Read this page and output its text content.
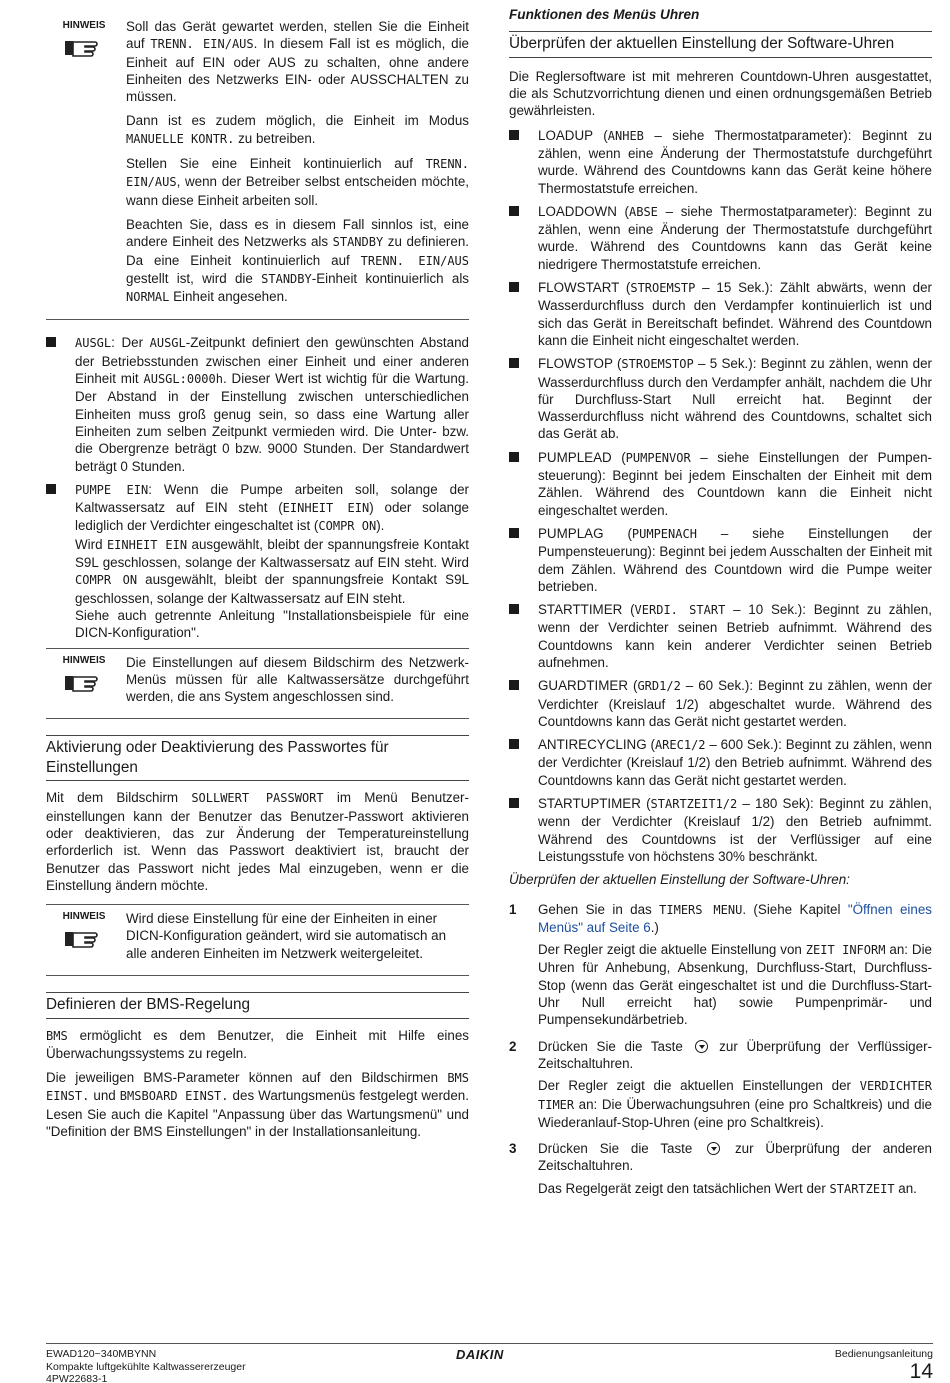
HINWEIS Soll das Gerät gewartet werden, stellen Sie die Einheit auf TRENN. EIN/AUS. In diesem Fall ist es möglich, die Einheit auf EIN oder AUS zu schalten, ohne andere Einheiten des Netzwerks EIN- oder AUSSCHALTEN zu müssen.

Dann ist es zudem möglich, die Einheit im Modus MANUELLE KONTR. zu betreiben.

Stellen Sie eine Einheit kontinuierlich auf TRENN. EIN/AUS, wenn der Betreiber selbst entscheiden möchte, wann diese Einheit arbeiten soll.

Beachten Sie, dass es in diesem Fall sinnlos ist, eine andere Einheit des Netzwerks als STANDBY zu definieren. Da eine Einheit kontinuierlich auf TRENN. EIN/AUS gestellt ist, wird die STANDBY-Einheit kontinuierlich als NORMAL Einheit angesehen.

AUSGL: Der AUSGL-Zeitpunkt definiert den gewünschten Abstand der Betriebsstunden zwischen einer Einheit und einer anderen Einheit mit AUSGL:0000h. Dieser Wert ist wichtig für die Wartung. Der Abstand in der Einstellung zwischen unterschiedlichen Einheiten muss groß genug sein, so dass eine Wartung aller Einheiten zum selben Zeitpunkt vermieden wird. Die Unter- bzw. die Obergrenze beträgt 0 bzw. 9000 Stunden. Der Standardwert beträgt 0 Stunden.
PUMPE EIN: Wenn die Pumpe arbeiten soll, solange der Kaltwassersatz auf EIN steht (EINHEIT EIN) oder solange lediglich der Verdichter eingeschaltet ist (COMPR ON).
Wird EINHEIT EIN ausgewählt, bleibt der spannungsfreie Kontakt S9L geschlossen, solange der Kaltwassersatz auf EIN steht. Wird COMPR ON ausgewählt, bleibt der spannungsfreie Kontakt S9L geschlossen, solange der Kaltwassersatz auf EIN steht.
Siehe auch getrennte Anleitung "Installationsbeispiele für eine DICN-Konfiguration".
HINWEIS Die Einstellungen auf diesem Bildschirm des Netzwerk-Menüs müssen für alle Kaltwassersätze durchgeführt werden, die ans System angeschlossen sind.

Aktivierung oder Deaktivierung des Passwortes für Einstellungen

Mit dem Bildschirm SOLLWERT PASSWORT im Menü Benutzereinstellungen kann der Benutzer das Benutzer-Passwort aktivieren oder deaktivieren, das zur Änderung der Temperatureinstellung erforderlich ist. Wenn das Passwort deaktiviert ist, braucht der Benutzer das Passwort nicht jedes Mal einzugeben, wenn er die Einstellung ändern möchte.

HINWEIS Wird diese Einstellung für eine der Einheiten in einer DICN-Konfiguration geändert, wird sie automatisch an alle anderen Einheiten im Netzwerk weitergeleitet.

Definieren der BMS-Regelung

BMS ermöglicht es dem Benutzer, die Einheit mit Hilfe eines Überwachungssystems zu regeln.

Die jeweiligen BMS-Parameter können auf den Bildschirmen BMS EINST. und BMSBOARD EINST. des Wartungsmenüs festgelegt werden. Lesen Sie auch die Kapitel "Anpassung über das Wartungsmenü" und "Definition der BMS Einstellungen" in der Installationsanleitung.

Funktionen des Menüs Uhren
Überprüfen der aktuellen Einstellung der Software-Uhren

Die Reglersoftware ist mit mehreren Countdown-Uhren ausgestattet, die als Schutzvorrichtung dienen und einen ordnungsgemäßen Betrieb gewährleisten.

LOADUP (ANHEB – siehe Thermostatparameter): Beginnt zu zählen, wenn eine Änderung der Thermostatstufe durchgeführt wurde. Während des Countdowns kann das Gerät keine höhere Thermostatstufe erreichen.
LOADDOWN (ABSE – siehe Thermostatparameter): Beginnt zu zählen, wenn eine Änderung der Thermostatstufe durchgeführt wurde. Während des Countdowns kann das Gerät keine niedrigere Thermostatstufe erreichen.
FLOWSTART (STROEMSTP – 15 Sek.): Zählt abwärts, wenn der Wasserdurchfluss durch den Verdampfer kontinuierlich ist und sich das Gerät in Bereitschaft befindet. Während des Countdown kann die Einheit nicht eingeschaltet werden.
FLOWSTOP (STROEMSTOP – 5 Sek.): Beginnt zu zählen, wenn der Wasserdurchfluss durch den Verdampfer anhält, nachdem die Uhr für Durchfluss-Start Null erreicht hat. Beginnt der Wasserdurchfluss nicht während des Countdowns, schaltet sich das Gerät ab.
PUMPLEAD (PUMPENVOR – siehe Einstellungen der Pumpensteuerung): Beginnt bei jedem Einschalten der Einheit mit dem Zählen. Während des Countdown kann die Einheit nicht eingeschaltet werden.
PUMPLAG (PUMPENACH – siehe Einstellungen der Pumpensteuerung): Beginnt bei jedem Ausschalten der Einheit mit dem Zählen. Während des Countdown wird die Pumpe weiter betrieben.
STARTTIMER (VERDI. START – 10 Sek.): Beginnt zu zählen, wenn der Verdichter seinen Betrieb aufnimmt. Während des Countdowns kann kein anderer Verdichter seinen Betrieb aufnehmen.
GUARDTIMER (GRD1/2 – 60 Sek.): Beginnt zu zählen, wenn der Verdichter (Kreislauf 1/2) abgeschaltet wurde. Während des Countdowns kann das Gerät nicht gestartet werden.
ANTIRECYCLING (AREC1/2 – 600 Sek.): Beginnt zu zählen, wenn der Verdichter (Kreislauf 1/2) den Betrieb aufnimmt. Während des Countdowns kann das Gerät nicht gestartet werden.
STARTUPTIMER (STARTZEIT1/2 – 180 Sek): Beginnt zu zählen, wenn der Verdichter (Kreislauf 1/2) den Betrieb aufnimmt. Während des Countdowns ist der Verflüssiger auf eine Leistungsstufe von höchstens 30% beschränkt.
Überprüfen der aktuellen Einstellung der Software-Uhren:
1 Gehen Sie in das TIMERS MENU. (Siehe Kapitel "Öffnen eines Menüs" auf Seite 6.)

Der Regler zeigt die aktuelle Einstellung von ZEIT INFORM an: Die Uhren für Anhebung, Absenkung, Durchfluss-Start, Durchfluss-Stop (wenn das Gerät eingeschaltet ist und die Durchfluss-Start-Uhr Null erreicht hat) sowie Pumpenprimär- und Pumpensekundärbetrieb.

2 Drücken Sie die Taste  zur Überprüfung der Verflüssiger-Zeitschaltuhren.

Der Regler zeigt die aktuellen Einstellungen der VERDICHTER TIMER an: Die Überwachungsuhren (eine pro Schaltkreis) und die Wiederanlauf-Stop-Uhren (eine pro Schaltkreis).

3 Drücken Sie die Taste  zur Überprüfung der anderen Zeitschaltuhren.

Das Regelgerät zeigt den tatsächlichen Wert der STARTZEIT an.

EWAD120~340MBYNN
Kompakte luftgekühlte Kaltwassererzeuger
4PW22683-1
DAIKIN	Bedienungsanleitung
14
